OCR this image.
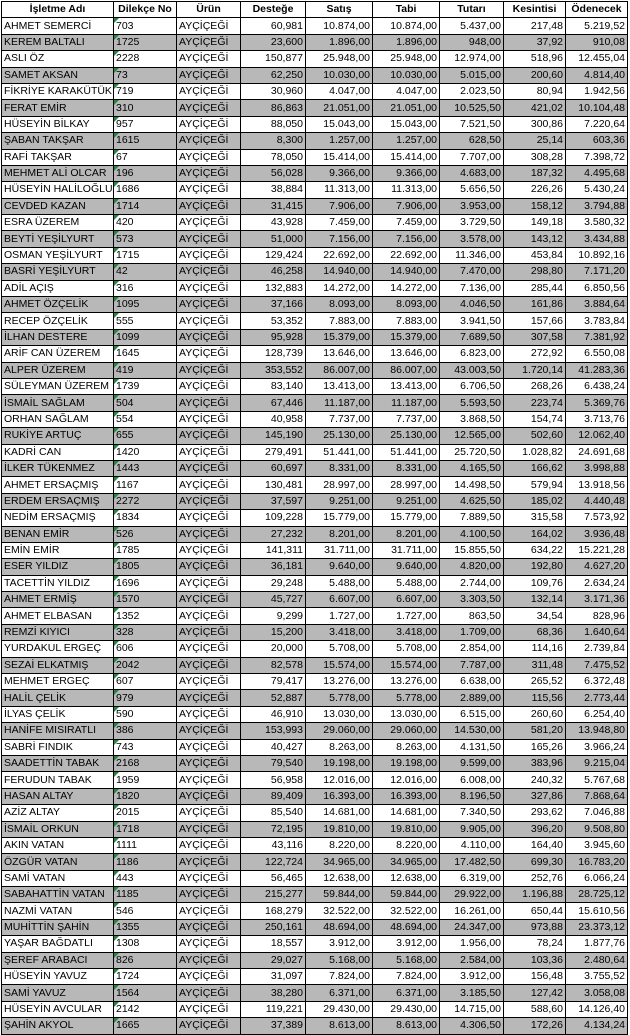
İşletme Adı	Dilekçe No	Ürün	Desteğe	Satış	Tabi	Tutarı	Kesintisi	Ödenecek
AHMET SEMERCİ	703	AYÇİÇEĞİ	60,981	10.874,00	10.874,00	5.437,00	217,48	5.219,52
KEREM BALTALI	1725	AYÇİÇEĞİ	23,600	1.896,00	1.896,00	948,00	37,92	910,08
ASLI ÖZ	2228	AYÇİÇEĞİ	150,877	25.948,00	25.948,00	12.974,00	518,96	12.455,04
SAMET AKSAN	73	AYÇİÇEĞİ	62,250	10.030,00	10.030,00	5.015,00	200,60	4.814,40
FİKRİYE KARAKÜTÜK	719	AYÇİÇEĞİ	30,960	4.047,00	4.047,00	2.023,50	80,94	1.942,56
FERAT EMİR	310	AYÇİÇEĞİ	86,863	21.051,00	21.051,00	10.525,50	421,02	10.104,48
HÜSEYİN BİLKAY	957	AYÇİÇEĞİ	88,050	15.043,00	15.043,00	7.521,50	300,86	7.220,64
ŞABAN TAKŞAR	1615	AYÇİÇEĞİ	8,300	1.257,00	1.257,00	628,50	25,14	603,36
RAFİ TAKŞAR	67	AYÇİÇEĞİ	78,050	15.414,00	15.414,00	7.707,00	308,28	7.398,72
MEHMET ALİ OLCAR	196	AYÇİÇEĞİ	56,028	9.366,00	9.366,00	4.683,00	187,32	4.495,68
HÜSEYİN HALİLOĞLU	1686	AYÇİÇEĞİ	38,884	11.313,00	11.313,00	5.656,50	226,26	5.430,24
CEVDED KAZAN	1714	AYÇİÇEĞİ	31,415	7.906,00	7.906,00	3.953,00	158,12	3.794,88
ESRA ÜZEREM	420	AYÇİÇEĞİ	43,928	7.459,00	7.459,00	3.729,50	149,18	3.580,32
BEYTİ YEŞİLYURT	573	AYÇİÇEĞİ	51,000	7.156,00	7.156,00	3.578,00	143,12	3.434,88
OSMAN YEŞİLYURT	1715	AYÇİÇEĞİ	129,424	22.692,00	22.692,00	11.346,00	453,84	10.892,16
BASRİ YEŞİLYURT	42	AYÇİÇEĞİ	46,258	14.940,00	14.940,00	7.470,00	298,80	7.171,20
ADİL AÇIŞ	316	AYÇİÇEĞİ	132,883	14.272,00	14.272,00	7.136,00	285,44	6.850,56
AHMET ÖZÇELİK	1095	AYÇİÇEĞİ	37,166	8.093,00	8.093,00	4.046,50	161,86	3.884,64
RECEP ÖZÇELİK	555	AYÇİÇEĞİ	53,352	7.883,00	7.883,00	3.941,50	157,66	3.783,84
İLHAN DESTERE	1099	AYÇİÇEĞİ	95,928	15.379,00	15.379,00	7.689,50	307,58	7.381,92
ARİF CAN ÜZEREM	1645	AYÇİÇEĞİ	128,739	13.646,00	13.646,00	6.823,00	272,92	6.550,08
ALPER ÜZEREM	419	AYÇİÇEĞİ	353,552	86.007,00	86.007,00	43.003,50	1.720,14	41.283,36
SÜLEYMAN ÜZEREM	1739	AYÇİÇEĞİ	83,140	13.413,00	13.413,00	6.706,50	268,26	6.438,24
İSMAİL SAĞLAM	504	AYÇİÇEĞİ	67,446	11.187,00	11.187,00	5.593,50	223,74	5.369,76
ORHAN SAĞLAM	554	AYÇİÇEĞİ	40,958	7.737,00	7.737,00	3.868,50	154,74	3.713,76
RUKİYE ARTUÇ	655	AYÇİÇEĞİ	145,190	25.130,00	25.130,00	12.565,00	502,60	12.062,40
KADRİ CAN	1420	AYÇİÇEĞİ	279,491	51.441,00	51.441,00	25.720,50	1.028,82	24.691,68
İLKER TÜKENMEZ	1443	AYÇİÇEĞİ	60,697	8.331,00	8.331,00	4.165,50	166,62	3.998,88
AHMET ERSAÇMIŞ	1167	AYÇİÇEĞİ	130,481	28.997,00	28.997,00	14.498,50	579,94	13.918,56
ERDEM ERSAÇMIŞ	2272	AYÇİÇEĞİ	37,597	9.251,00	9.251,00	4.625,50	185,02	4.440,48
NEDİM ERSAÇMIŞ	1834	AYÇİÇEĞİ	109,228	15.779,00	15.779,00	7.889,50	315,58	7.573,92
BENAN EMİR	526	AYÇİÇEĞİ	27,232	8.201,00	8.201,00	4.100,50	164,02	3.936,48
EMİN EMİR	1785	AYÇİÇEĞİ	141,311	31.711,00	31.711,00	15.855,50	634,22	15.221,28
ESER YILDIZ	1805	AYÇİÇEĞİ	36,181	9.640,00	9.640,00	4.820,00	192,80	4.627,20
TACETTİN YILDIZ	1696	AYÇİÇEĞİ	29,248	5.488,00	5.488,00	2.744,00	109,76	2.634,24
AHMET ERMİŞ	1570	AYÇİÇEĞİ	45,727	6.607,00	6.607,00	3.303,50	132,14	3.171,36
AHMET ELBASAN	1352	AYÇİÇEĞİ	9,299	1.727,00	1.727,00	863,50	34,54	828,96
REMZİ KIYICI	328	AYÇİÇEĞİ	15,200	3.418,00	3.418,00	1.709,00	68,36	1.640,64
YURDAKUL ERGEÇ	606	AYÇİÇEĞİ	20,000	5.708,00	5.708,00	2.854,00	114,16	2.739,84
SEZAİ ELKATMIŞ	2042	AYÇİÇEĞİ	82,578	15.574,00	15.574,00	7.787,00	311,48	7.475,52
MEHMET ERGEÇ	607	AYÇİÇEĞİ	79,417	13.276,00	13.276,00	6.638,00	265,52	6.372,48
HALİL ÇELİK	979	AYÇİÇEĞİ	52,887	5.778,00	5.778,00	2.889,00	115,56	2.773,44
İLYAS ÇELİK	590	AYÇİÇEĞİ	46,910	13.030,00	13.030,00	6.515,00	260,60	6.254,40
HANİFE MISIRATLI	386	AYÇİÇEĞİ	153,993	29.060,00	29.060,00	14.530,00	581,20	13.948,80
SABRİ FINDIK	743	AYÇİÇEĞİ	40,427	8.263,00	8.263,00	4.131,50	165,26	3.966,24
SAADETTİN TABAK	2168	AYÇİÇEĞİ	79,540	19.198,00	19.198,00	9.599,00	383,96	9.215,04
FERUDUN TABAK	1959	AYÇİÇEĞİ	56,958	12.016,00	12.016,00	6.008,00	240,32	5.767,68
HASAN ALTAY	1820	AYÇİÇEĞİ	89,409	16.393,00	16.393,00	8.196,50	327,86	7.868,64
AZİZ ALTAY	2015	AYÇİÇEĞİ	85,540	14.681,00	14.681,00	7.340,50	293,62	7.046,88
İSMAİL ORKUN	1718	AYÇİÇEĞİ	72,195	19.810,00	19.810,00	9.905,00	396,20	9.508,80
AKIN VATAN	1111	AYÇİÇEĞİ	43,116	8.220,00	8.220,00	4.110,00	164,40	3.945,60
ÖZGÜR VATAN	1186	AYÇİÇEĞİ	122,724	34.965,00	34.965,00	17.482,50	699,30	16.783,20
SAMİ VATAN	443	AYÇİÇEĞİ	56,465	12.638,00	12.638,00	6.319,00	252,76	6.066,24
SABAHATTİN VATAN	1185	AYÇİÇEĞİ	215,277	59.844,00	59.844,00	29.922,00	1.196,88	28.725,12
NAZMİ VATAN	546	AYÇİÇEĞİ	168,279	32.522,00	32.522,00	16.261,00	650,44	15.610,56
MUHİTTİN ŞAHİN	1355	AYÇİÇEĞİ	250,161	48.694,00	48.694,00	24.347,00	973,88	23.373,12
YAŞAR BAĞDATLI	1308	AYÇİÇEĞİ	18,557	3.912,00	3.912,00	1.956,00	78,24	1.877,76
ŞEREF ARABACI	826	AYÇİÇEĞİ	29,027	5.168,00	5.168,00	2.584,00	103,36	2.480,64
HÜSEYİN YAVUZ	1724	AYÇİÇEĞİ	31,097	7.824,00	7.824,00	3.912,00	156,48	3.755,52
SAMİ YAVUZ	1564	AYÇİÇEĞİ	38,280	6.371,00	6.371,00	3.185,50	127,42	3.058,08
HÜSEYİN AVCULAR	2142	AYÇİÇEĞİ	119,221	29.430,00	29.430,00	14.715,00	588,60	14.126,40
ŞAHİN AKYOL	1665	AYÇİÇEĞİ	37,389	8.613,00	8.613,00	4.306,50	172,26	4.134,24
